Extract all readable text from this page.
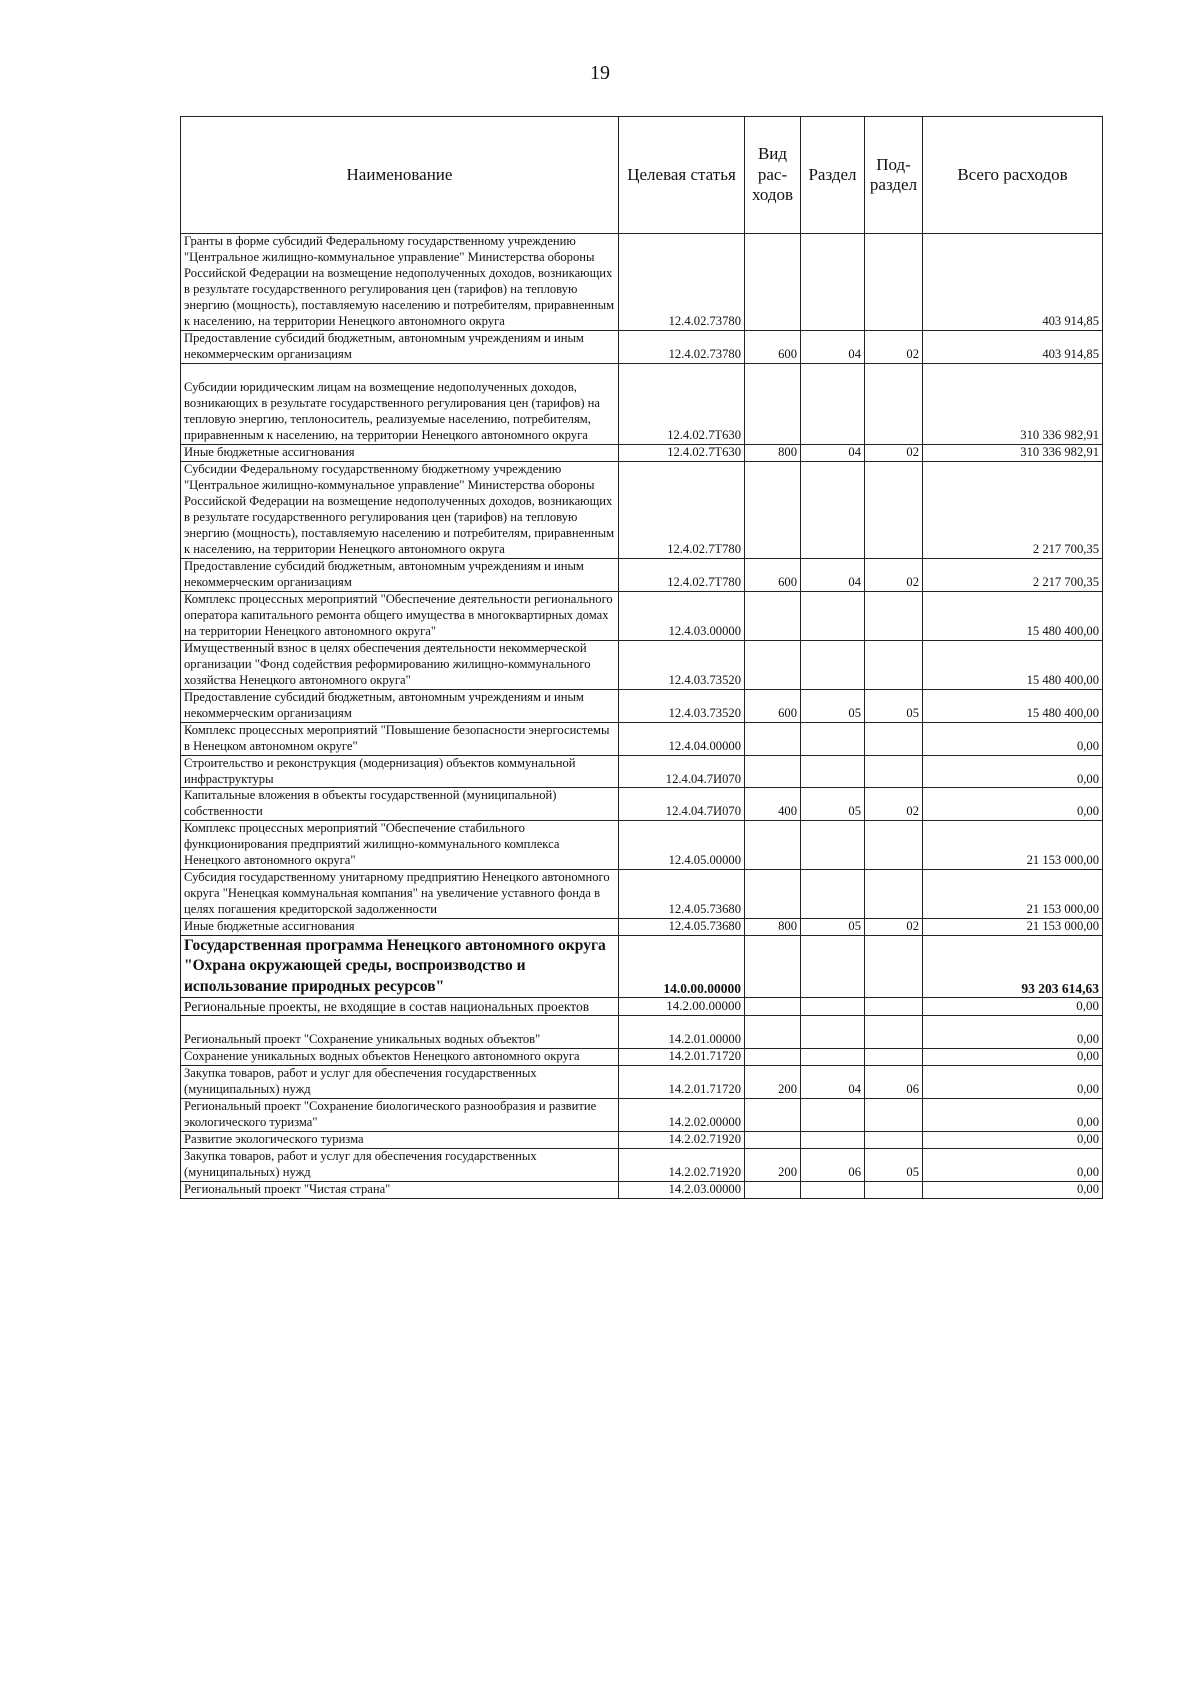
19
Наименование	Целевая статья	Вид рас-ходов	Раздел	Под-раздел	Всего расходов
Гранты в форме субсидий Федеральному государственному учреждению "Центральное жилищно-коммунальное управление" Министерства обороны Российской Федерации на возмещение недополученных доходов, возникающих в результате государственного регулирования цен (тарифов) на тепловую энергию (мощность), поставляемую населению и потребителям, приравненным к населению, на территории Ненецкого автономного округа	12.4.02.73780				403 914,85
Предоставление субсидий бюджетным, автономным учреждениям и иным некоммерческим организациям	12.4.02.73780	600	04	02	403 914,85
Субсидии юридическим лицам на возмещение недополученных доходов, возникающих в результате государственного регулирования цен (тарифов) на тепловую энергию, теплоноситель, реализуемые населению, потребителям, приравненным к населению, на территории Ненецкого автономного округа	12.4.02.7Т630				310 336 982,91
Иные бюджетные ассигнования	12.4.02.7Т630	800	04	02	310 336 982,91
Субсидии Федеральному государственному бюджетному учреждению "Центральное жилищно-коммунальное управление" Министерства обороны Российской Федерации на возмещение недополученных доходов, возникающих в результате государственного регулирования цен (тарифов) на тепловую энергию (мощность), поставляемую населению и потребителям, приравненным к населению, на территории Ненецкого автономного округа	12.4.02.7Т780				2 217 700,35
Предоставление субсидий бюджетным, автономным учреждениям и иным некоммерческим организациям	12.4.02.7Т780	600	04	02	2 217 700,35
Комплекс процессных мероприятий "Обеспечение деятельности регионального оператора капитального ремонта общего имущества в многоквартирных домах на территории Ненецкого автономного округа"	12.4.03.00000				15 480 400,00
Имущественный взнос в целях обеспечения деятельности некоммерческой организации "Фонд содействия реформированию жилищно-коммунального хозяйства Ненецкого автономного округа"	12.4.03.73520				15 480 400,00
Предоставление субсидий бюджетным, автономным учреждениям и иным некоммерческим организациям	12.4.03.73520	600	05	05	15 480 400,00
Комплекс процессных мероприятий "Повышение безопасности энергосистемы в Ненецком автономном округе"	12.4.04.00000				0,00
Строительство и реконструкция (модернизация) объектов коммунальной инфраструктуры	12.4.04.7И070				0,00
Капитальные вложения в объекты государственной (муниципальной) собственности	12.4.04.7И070	400	05	02	0,00
Комплекс процессных мероприятий "Обеспечение стабильного функционирования предприятий жилищно-коммунального комплекса Ненецкого автономного округа"	12.4.05.00000				21 153 000,00
Субсидия государственному унитарному предприятию Ненецкого автономного округа "Ненецкая коммунальная компания" на увеличение уставного фонда в целях погашения кредиторской задолженности	12.4.05.73680				21 153 000,00
Иные бюджетные ассигнования	12.4.05.73680	800	05	02	21 153 000,00
Государственная программа Ненецкого автономного округа "Охрана окружающей среды, воспроизводство и использование природных ресурсов"	14.0.00.00000				93 203 614,63
Региональные проекты, не входящие в состав национальных проектов	14.2.00.00000				0,00
Региональный проект "Сохранение уникальных водных объектов"	14.2.01.00000				0,00
Сохранение уникальных водных объектов Ненецкого автономного округа	14.2.01.71720				0,00
Закупка товаров, работ и услуг для обеспечения государственных (муниципальных) нужд	14.2.01.71720	200	04	06	0,00
Региональный проект "Сохранение биологического разнообразия и развитие экологического туризма"	14.2.02.00000				0,00
Развитие экологического туризма	14.2.02.71920				0,00
Закупка товаров, работ и услуг для обеспечения государственных (муниципальных) нужд	14.2.02.71920	200	06	05	0,00
Региональный проект "Чистая страна"	14.2.03.00000				0,00
